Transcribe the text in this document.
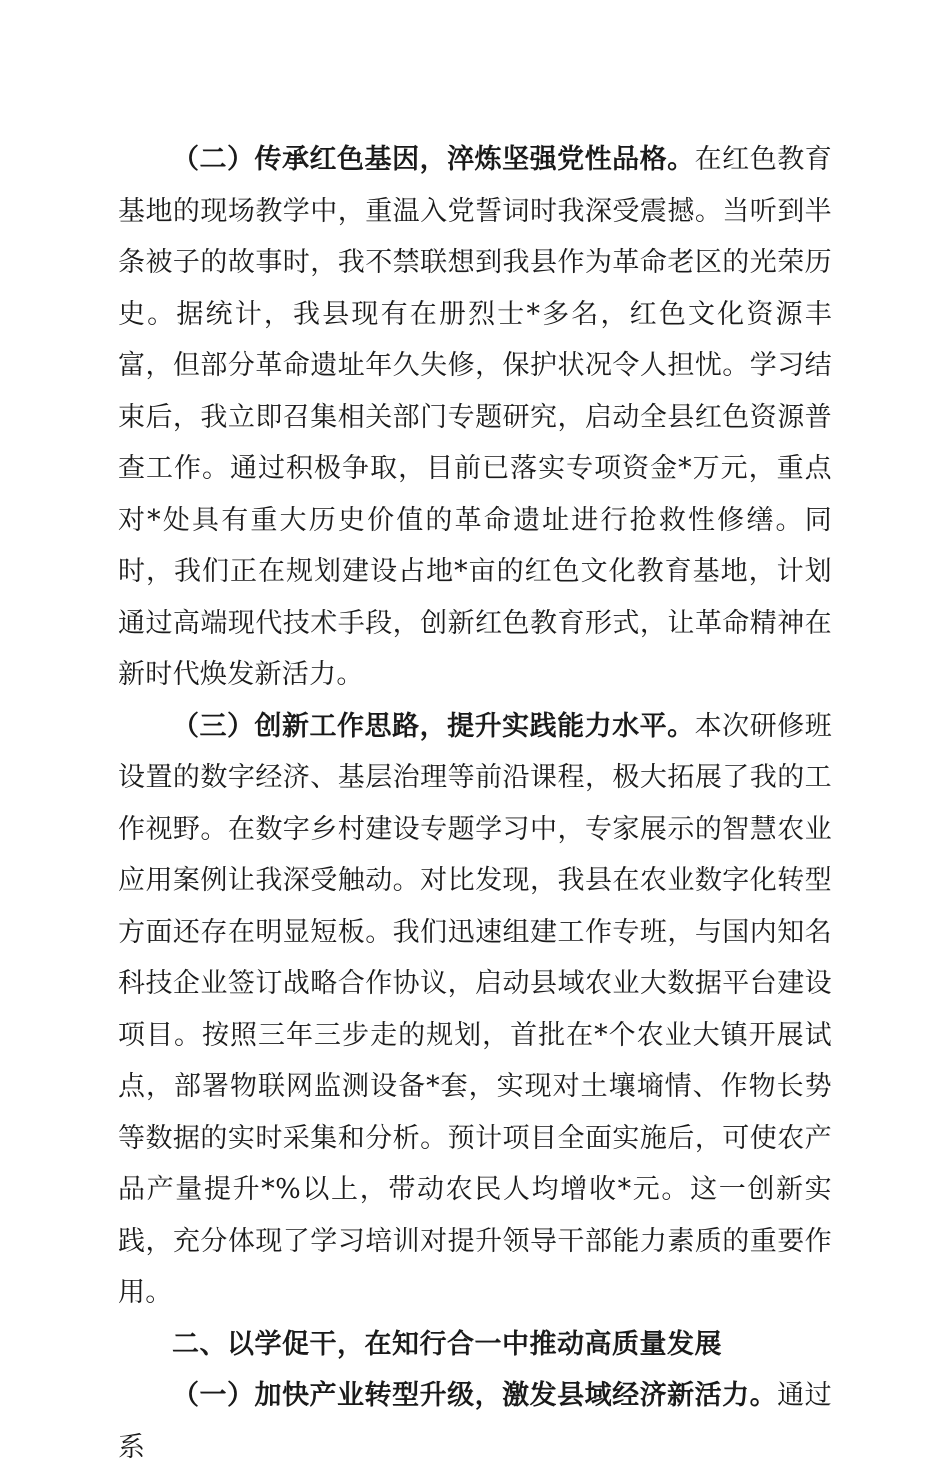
（二）传承红色基因，淬炼坚强党性品格。在红色教育基地的现场教学中，重温入党誓词时我深受震撼。当听到半条被子的故事时，我不禁联想到我县作为革命老区的光荣历史。据统计，我县现有在册烈士*多名，红色文化资源丰富，但部分革命遗址年久失修，保护状况令人担忧。学习结束后，我立即召集相关部门专题研究，启动全县红色资源普查工作。通过积极争取，目前已落实专项资金*万元，重点对*处具有重大历史价值的革命遗址进行抢救性修缮。同时，我们正在规划建设占地*亩的红色文化教育基地，计划通过高端现代技术手段，创新红色教育形式，让革命精神在新时代焕发新活力。

（三）创新工作思路，提升实践能力水平。本次研修班设置的数字经济、基层治理等前沿课程，极大拓展了我的工作视野。在数字乡村建设专题学习中，专家展示的智慧农业应用案例让我深受触动。对比发现，我县在农业数字化转型方面还存在明显短板。我们迅速组建工作专班，与国内知名科技企业签订战略合作协议，启动县域农业大数据平台建设项目。按照三年三步走的规划，首批在*个农业大镇开展试点，部署物联网监测设备*套，实现对土壤墒情、作物长势等数据的实时采集和分析。预计项目全面实施后，可使农产品产量提升*%以上，带动农民人均增收*元。这一创新实践，充分体现了学习培训对提升领导干部能力素质的重要作用。

二、以学促干，在知行合一中推动高质量发展

（一）加快产业转型升级，激发县域经济新活力。通过系
